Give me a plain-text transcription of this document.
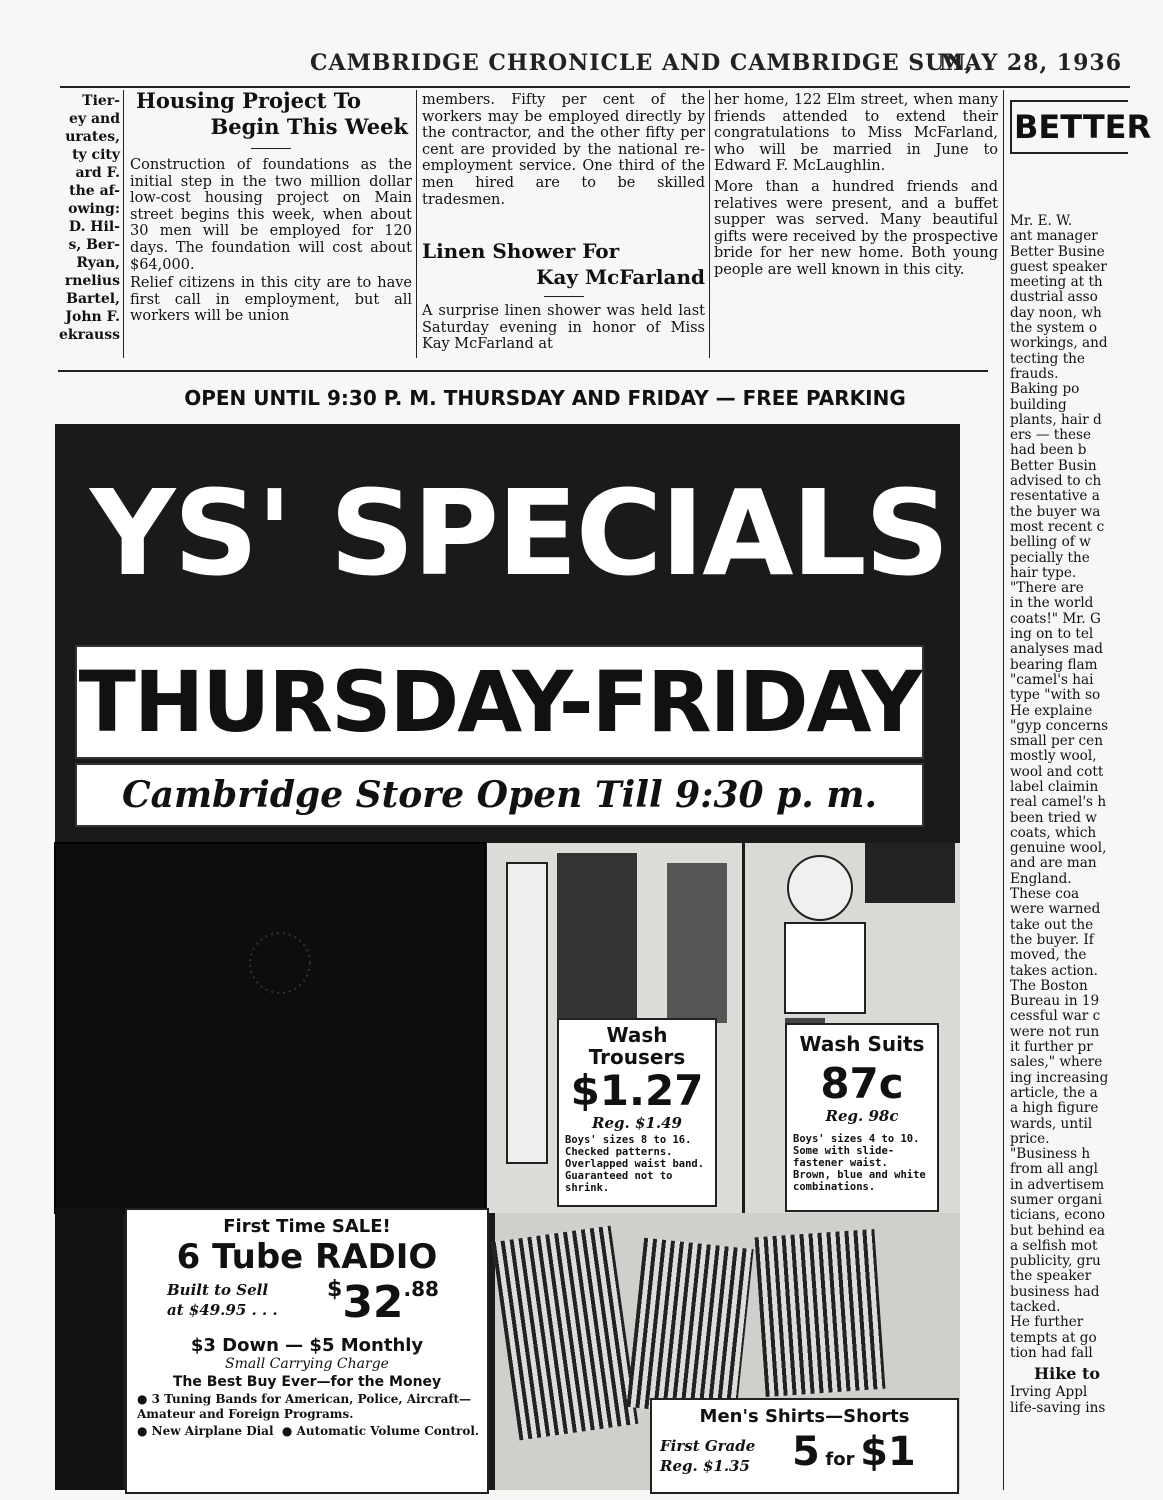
CAMBRIDGE CHRONICLE AND CAMBRIDGE SUN,
MAY 28, 1936
Tier-
ey and
urates,
ty city
ard F.
the af-
owing:
D. Hil-
s, Ber-
Ryan,
rnelius
Bartel,
John F.
ekrauss
Housing Project To
Begin This Week

Construction of foundations as the initial step in the two million dollar low-cost housing project on Main street begins this week, when about 30 men will be employed for 120 days. The foundation will cost about $64,000.

Relief citizens in this city are to have first call in employment, but all workers will be union

members. Fifty per cent of the workers may be employed directly by the contractor, and the other fifty per cent are provided by the national re-employment service. One third of the men hired are to be skilled tradesmen.

Linen Shower For
Kay McFarland

A surprise linen shower was held last Saturday evening in honor of Miss Kay McFarland at

her home, 122 Elm street, when many friends attended to extend their congratulations to Miss McFarland, who will be married in June to Edward F. McLaughlin.

More than a hundred friends and relatives were present, and a buffet supper was served. Many beautiful gifts were received by the prospective bride for her new home. Both young people are well known in this city.

BETTER
Mr. E. W.
ant manager
Better Busine
guest speaker
meeting at th
dustrial asso
day noon, wh
the system o
workings, and
tecting the
frauds.
Baking po
building
plants, hair d
ers — these
had been b
Better Busin
advised to ch
resentative a
the buyer wa
most recent c
belling of w
pecially the
hair type.
"There are
in the world
coats!" Mr. G
ing on to tel
analyses mad
bearing flam
"camel's hai
type "with so
He explaine
"gyp concerns
small per cen
mostly wool,
wool and cott
label claimin
real camel's h
been tried w
coats, which
genuine wool,
and are man
England.
These coa
were warned
take out the
the buyer. If
moved, the
takes action.
The Boston
Bureau in 19
cessful war c
were not run
it further pr
sales," where
ing increasing
article, the a
a high figure
wards, until
price.
"Business h
from all angl
in advertisem
sumer organi
ticians, econo
but behind ea
a selfish mot
publicity, gru
the speaker
business had
tacked.
He further
tempts at go
tion had fall
Hike to
Irving Appl
life-saving ins
OPEN UNTIL 9:30 P. M. THURSDAY AND FRIDAY — FREE PARKING
YS' SPECIALS
THURSDAY-FRIDAY
Cambridge Store Open Till 9:30 p. m.
Wash
Trousers
$1.27
Reg. $1.49
Boys' sizes 8 to 16. Checked patterns. Overlapped waist band. Guaranteed not to shrink.
Wash Suits
87c
Reg. 98c
Boys' sizes 4 to 10. Some with slide-fastener waist. Brown, blue and white combinations.
First Time SALE!
6 Tube RADIO
Built to Sell
at $49.95 . . .
$32.88
$3 Down — $5 Monthly
Small Carrying Charge
The Best Buy Ever—for the Money
● 3 Tuning Bands for American, Police, Aircraft—Amateur and Foreign Programs.
● New Airplane Dial  ● Automatic Volume Control.
Men's Shirts—Shorts
First Grade
Reg. $1.35 5 for $1
